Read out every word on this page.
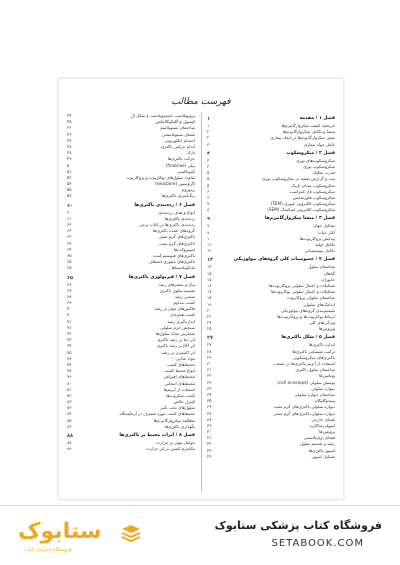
فهرست مطالب
فصل ۱ / مقدمه
۱
تاریخچه کشف میکروارگانیزم‌ها
۱
منشأ و تکامل میکروارگانیزم‌ها
۲
نقش میکروارگانیزم‌ها در ایجاد بیماری
۲
عامل مولد بیماری
۳
فصل ۲ / میکروسکوپ
۴
میکروسکوپ‌های نوری
۴
میکروسکوپ نوری
۴
قدرت تفکیک
۵
ثبت و گزارش نقشه در میکروسکوپ نوری
۵
میکروسکوپ میدان تاریک
۵
میکروسکوپ فاز کنتراست
۶
میکروسکوپ فلورسانس
۶
میکروسکوپ الکترونی عبوری (TEM)
۷
میکروسکوپ الکترونی اسکنینگ (SEM)
۸
فصل ۳ / منشأ میکروارگانیزم‌ها
۹
تشکیل جهان
۹
آغاز حیات
۹
پیدایش پروکاریوت‌ها
۱۰
تکامل اولیه
۱۱
تکامل بیوشیمیایی
۱۲
فصل ۴ / خصوصیات کلی گروه‌های بیولوژیکی
۱۴
ساختمان سلول
۱۴
گیاهان
۱۵
جانوران
۱۵
تشکیلات و اعمال سلولی پروکاریوت‌ها
۱۶
تشکیلات و اعمال سلولی یوکاریوت‌ها
۱۷
ساختمان سلولی پروکاریوت
۱۸
اندامک‌های سلولی
۱۹
تقسیم‌بندی گروه‌های بیولوژیکی
۲۰
ارتباط یوکاریوت‌ها و پروکاریوت‌ها
۲۲
ویژگی‌های کلی
۲۴
ویروس‌ها
۲۵
فصل ۵ / شکل باکتری‌ها
۲۷
اندازه باکتری‌ها
۲۷
ترکیب شیمیایی باکتری‌ها
۲۸
باکتری‌های میکروسکوپی
۲۹
استفاده از آنزیم باکتری‌ها در صنعت
۳۰
ساختمان سلول باکتری
۳۱
ویتامین‌ها
۳۲
پوشش سلولی (cell envelope)
۳۳
دیواره سلولی
۳۳
ساختمان دیواره سلولی
۳۴
پپتیدوگلیکان
۳۵
دیواره سلولی باکتری‌های گرم مثبت
۳۶
دیواره سلولی باکتری‌های گرم منفی
۳۷
غشای خارجی
۳۸
لیپوپلی‌ساکارید
۳۹
پروتئین‌ها
۴۰
فضای پری‌پلاسمی
۴۱
رشد و تقسیم سلول
۴۲
اسپور باکتری‌ها
۴۳
تشکیل اسپور
۴۴
پروتوپلاست، اسفروپلاست و شکل ال
۴۴
کپسول و گلیکوکالیکس
۴۵
ساختمان سیتوپلاسم
۴۶
غشای سیتوپلاسمی
۴۶
اجسام انکلوزیونی
۴۷
اندام حرکتی باکتری
۴۸
تاژک
۴۸
حرکت باکتری‌ها
۴۹
پیلی (fimbriae)
۵۰
کموتاکسی
۵۱
تفاوت سلول‌های یوکاریوت و پروکاریوت
۵۲
اگزوسپور (exospore)
۵۴
ریبوزوم
۵۵
رنگ‌آمیزی باکتری‌ها
۵۷
فصل ۶ / رده‌بندی باکتری‌ها
۶۰
انواع و هدف رده‌بندی
۶۰
رده‌بندی باکتری‌ها
۶۱
رده‌بندی باکتری‌ها در کتاب برجی
۶۲
گروه‌های عمده باکتری‌ها
۶۳
باکتری‌های گرم منفی
۶۳
باکتری‌های گرم مثبت
۶۴
اسپیروکت‌ها
۶۴
باکتری‌های فتوسنتزکننده
۶۵
باکتری‌های میلوزی انعطاف
۶۵
مایکوپلاسماها
۶۵
فصل ۷ / فیزیولوژی باکتری‌ها
۶۵
بیان و متغیرهای رشد
۶۶
تقسیم سلول باکتری
۶۷
منحنی رشد
۶۸
کشت مداوم
۶۹
فاکتورهای مؤثر بر رشد
۷۰
کشت همزمان
۷۰
اندازه‌گیری رشد
۷۱
سنجش جرم سلولی
۷۱
شمارش تعداد سلول‌ها
۷۲
اثر دما بر رشد باکتری
۷۳
اثر pH بر رشد باکتری
۷۴
اثر اکسیژن بر رشد
۷۵
مواد غذایی
۷۶
محیط‌های کشت
۷۷
انواع محیط کشت
۷۸
محیط‌های افتراقی
۷۹
محیط‌های انتخابی
۸۰
استفاده از آنزیم‌ها
۸۱
کشت میکروب‌ها
۸۲
کنترل خالص
۸۳
سلول‌های تحت تأثیر
۸۳
محیط‌های کشت مورد مصرف در آزمایشگاه
۸۴
مطالعه میکروارگانیزم‌ها
۸۵
نگهداری باکتری‌ها
۸۶
فصل ۸ / اثرات محیط بر باکتری‌ها
۸۸
عوامل مؤثر بر حرارت
۸۸
مکانیزم کشتن بر اثر حرارت
۸۹
ستابوک
فروشگاه اینترنتی کتاب
فروشگاه کتاب پزشکی ستابوک
SETABOOK.COM
